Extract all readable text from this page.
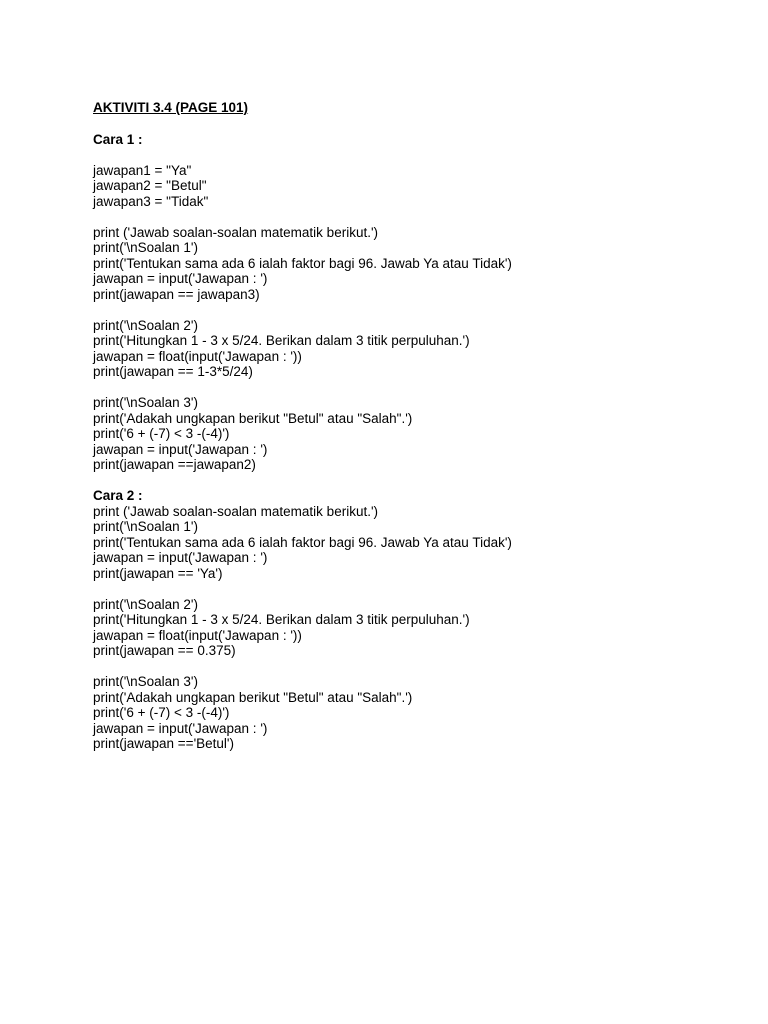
AKTIVITI 3.4 (PAGE 101)
Cara 1 :
jawapan1 = "Ya"
jawapan2 = "Betul"
jawapan3 = "Tidak"
print ('Jawab soalan-soalan matematik berikut.')
print('\nSoalan 1')
print('Tentukan sama ada 6 ialah faktor bagi 96. Jawab Ya atau Tidak')
jawapan = input('Jawapan : ')
print(jawapan == jawapan3)
print('\nSoalan 2')
print('Hitungkan 1 - 3 x 5/24. Berikan dalam 3 titik perpuluhan.')
jawapan = float(input('Jawapan : '))
print(jawapan == 1-3*5/24)
print('\nSoalan 3')
print('Adakah ungkapan berikut "Betul" atau "Salah".')
print('6 + (-7) < 3 -(-4)')
jawapan = input('Jawapan : ')
print(jawapan ==jawapan2)
Cara 2 :
print ('Jawab soalan-soalan matematik berikut.')
print('\nSoalan 1')
print('Tentukan sama ada 6 ialah faktor bagi 96. Jawab Ya atau Tidak')
jawapan = input('Jawapan : ')
print(jawapan == 'Ya')
print('\nSoalan 2')
print('Hitungkan 1 - 3 x 5/24. Berikan dalam 3 titik perpuluhan.')
jawapan = float(input('Jawapan : '))
print(jawapan == 0.375)
print('\nSoalan 3')
print('Adakah ungkapan berikut "Betul" atau "Salah".')
print('6 + (-7) < 3 -(-4)')
jawapan = input('Jawapan : ')
print(jawapan =='Betul')
